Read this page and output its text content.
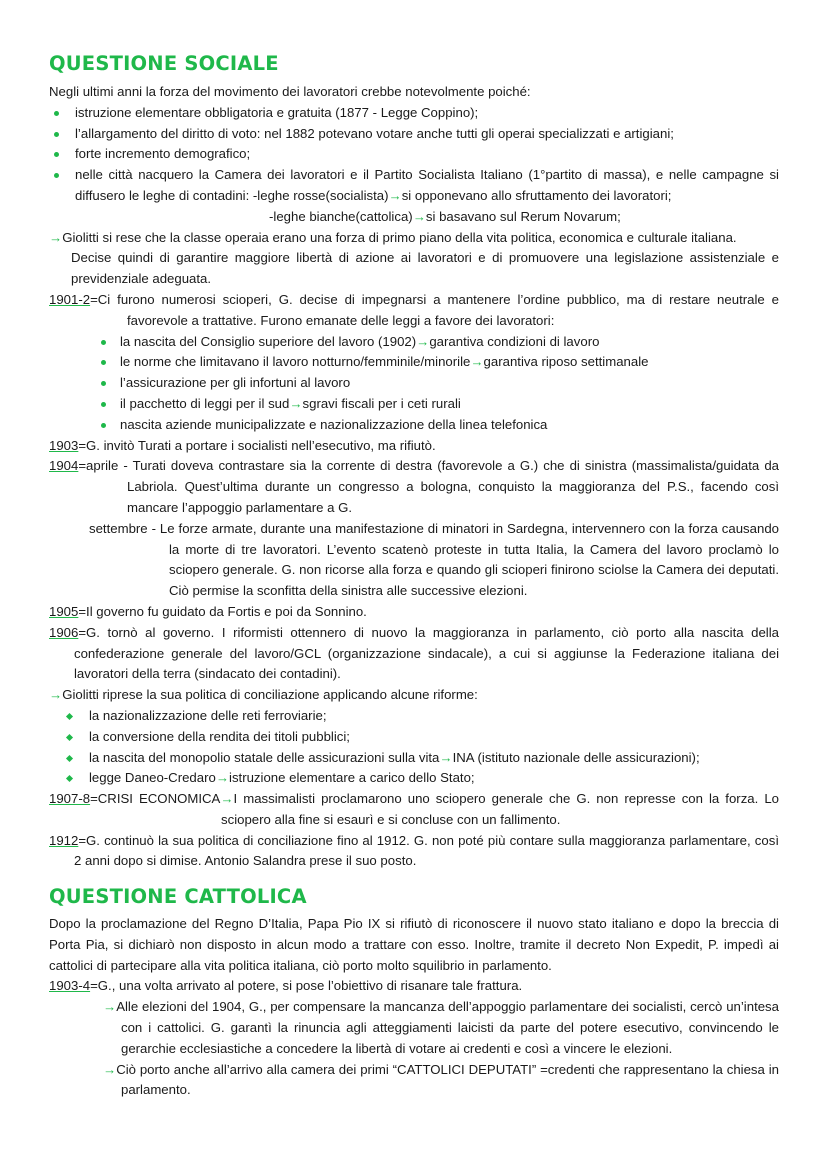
QUESTIONE SOCIALE

Negli ultimi anni la forza del movimento dei lavoratori crebbe notevolmente poiché:

istruzione elementare obbligatoria e gratuita (1877 - Legge Coppino);
l’allargamento del diritto di voto: nel 1882 potevano votare anche tutti gli operai specializzati e artigiani;
forte incremento demografico;
nelle città nacquero la Camera dei lavoratori e il Partito Socialista Italiano (1°partito di massa), e nelle campagne si diffusero le leghe di contadini: -leghe rosse(socialista)→si opponevano allo sfruttamento dei lavoratori;

-leghe bianche(cattolica)→si basavano sul Rerum Novarum;

→Giolitti si rese che la classe operaia erano una forza di primo piano della vita politica, economica e culturale italiana.

Decise quindi di garantire maggiore libertà di azione ai lavoratori e di promuovere una legislazione assistenziale e previdenziale adeguata.

1901-2=Ci furono numerosi scioperi, G. decise di impegnarsi a mantenere l’ordine pubblico, ma di restare neutrale e favorevole a trattative. Furono emanate delle leggi a favore dei lavoratori:

la nascita del Consiglio superiore del lavoro (1902)→garantiva condizioni di lavoro
le norme che limitavano il lavoro notturno/femminile/minorile→garantiva riposo settimanale
l’assicurazione per gli infortuni al lavoro
il pacchetto di leggi per il sud→sgravi fiscali per i ceti rurali
nascita aziende municipalizzate e nazionalizzazione della linea telefonica

1903=G. invitò Turati a portare i socialisti nell’esecutivo, ma rifiutò.

1904=aprile - Turati doveva contrastare sia la corrente di destra (favorevole a G.) che di sinistra (massimalista/guidata da Labriola. Quest’ultima durante un congresso a bologna, conquisto la maggioranza del P.S., facendo così mancare l’appoggio parlamentare a G.

settembre - Le forze armate, durante una manifestazione di minatori in Sardegna, intervennero con la forza causando la morte di tre lavoratori. L’evento scatenò proteste in tutta Italia, la Camera del lavoro proclamò lo sciopero generale. G. non ricorse alla forza e quando gli scioperi finirono sciolse la Camera dei deputati. Ciò permise la sconfitta della sinistra alle successive elezioni.

1905=Il governo fu guidato da Fortis e poi da Sonnino.

1906=G. tornò al governo. I riformisti ottennero di nuovo la maggioranza in parlamento, ciò porto alla nascita della confederazione generale del lavoro/GCL (organizzazione sindacale), a cui si aggiunse la Federazione italiana dei lavoratori della terra (sindacato dei contadini).

→Giolitti riprese la sua politica di conciliazione applicando alcune riforme:

la nazionalizzazione delle reti ferroviarie;
la conversione della rendita dei titoli pubblici;
la nascita del monopolio statale delle assicurazioni sulla vita→INA (istituto nazionale delle assicurazioni);
legge Daneo-Credaro→istruzione elementare a carico dello Stato;

1907-8=CRISI ECONOMICA→I massimalisti proclamarono uno sciopero generale che G. non represse con la forza. Lo sciopero alla fine si esaurì e si concluse con un fallimento.

1912=G. continuò la sua politica di conciliazione fino al 1912. G. non poté più contare sulla maggioranza parlamentare, così 2 anni dopo si dimise. Antonio Salandra prese il suo posto.

QUESTIONE CATTOLICA

Dopo la proclamazione del Regno D’Italia, Papa Pio IX si rifiutò di riconoscere il nuovo stato italiano e dopo la breccia di Porta Pia, si dichiarò non disposto in alcun modo a trattare con esso. Inoltre, tramite il decreto Non Expedit, P. impedì ai cattolici di partecipare alla vita politica italiana, ciò porto molto squilibrio in parlamento.

1903-4=G., una volta arrivato al potere, si pose l’obiettivo di risanare tale frattura.

→Alle elezioni del 1904, G., per compensare la mancanza dell’appoggio parlamentare dei socialisti, cercò un’intesa con i cattolici. G. garantì la rinuncia agli atteggiamenti laicisti da parte del potere esecutivo, convincendo le gerarchie ecclesiastiche a concedere la libertà di votare ai credenti e così a vincere le elezioni.

→Ciò porto anche all’arrivo alla camera dei primi “CATTOLICI DEPUTATI” =credenti che rappresentano la chiesa in parlamento.
